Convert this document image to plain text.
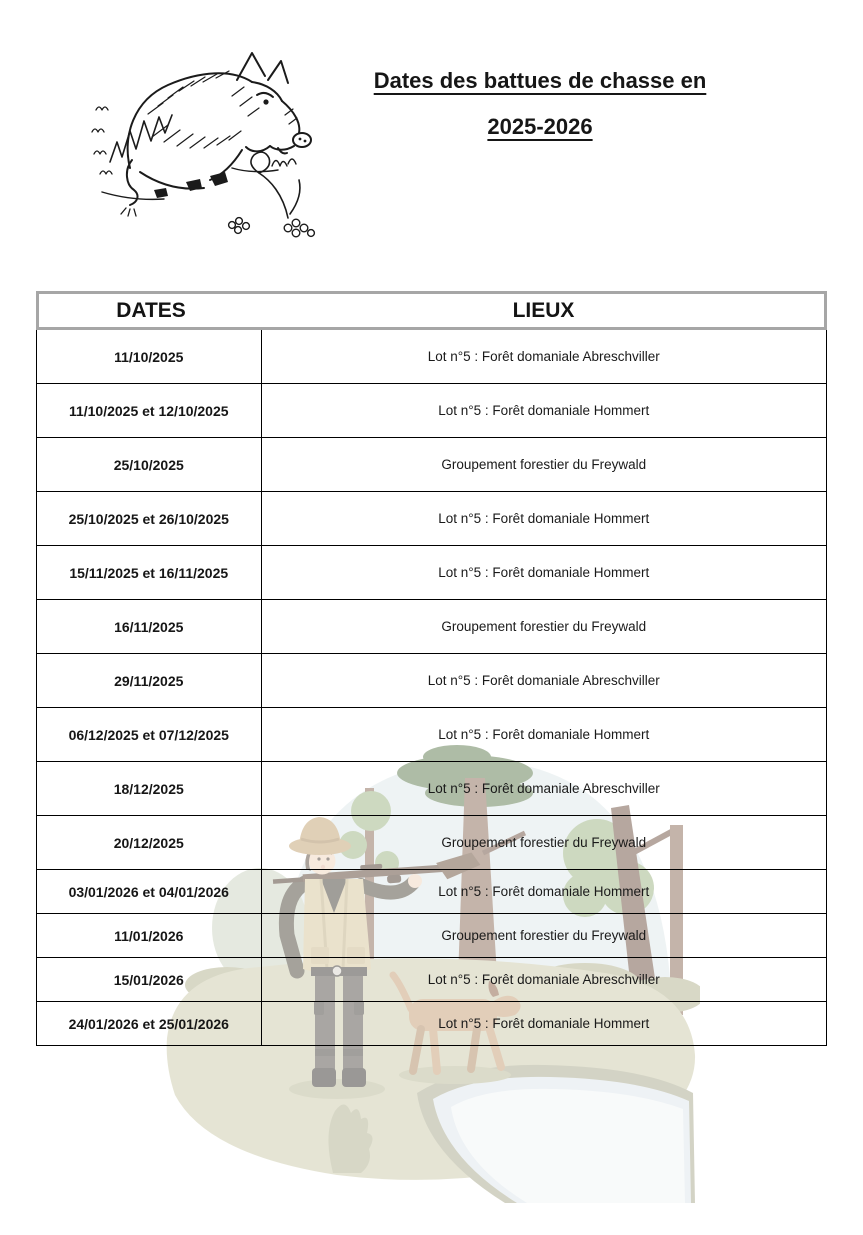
Dates des battues de chasse en
2025-2026
DATES	LIEUX
11/10/2025	Lot n°5 : Forêt domaniale Abreschviller
11/10/2025 et 12/10/2025	Lot n°5 : Forêt domaniale Hommert
25/10/2025	Groupement forestier du Freywald
25/10/2025 et 26/10/2025	Lot n°5 : Forêt domaniale Hommert
15/11/2025 et 16/11/2025	Lot n°5 : Forêt domaniale Hommert
16/11/2025	Groupement forestier du Freywald
29/11/2025	Lot n°5 : Forêt domaniale Abreschviller
06/12/2025 et 07/12/2025	Lot n°5 : Forêt domaniale Hommert
18/12/2025	Lot n°5 : Forêt domaniale Abreschviller
20/12/2025	Groupement forestier du Freywald
03/01/2026 et 04/01/2026	Lot n°5 : Forêt domaniale Hommert
11/01/2026	Groupement forestier du Freywald
15/01/2026	Lot n°5 : Forêt domaniale Abreschviller
24/01/2026 et 25/01/2026	Lot n°5 : Forêt domaniale Hommert
